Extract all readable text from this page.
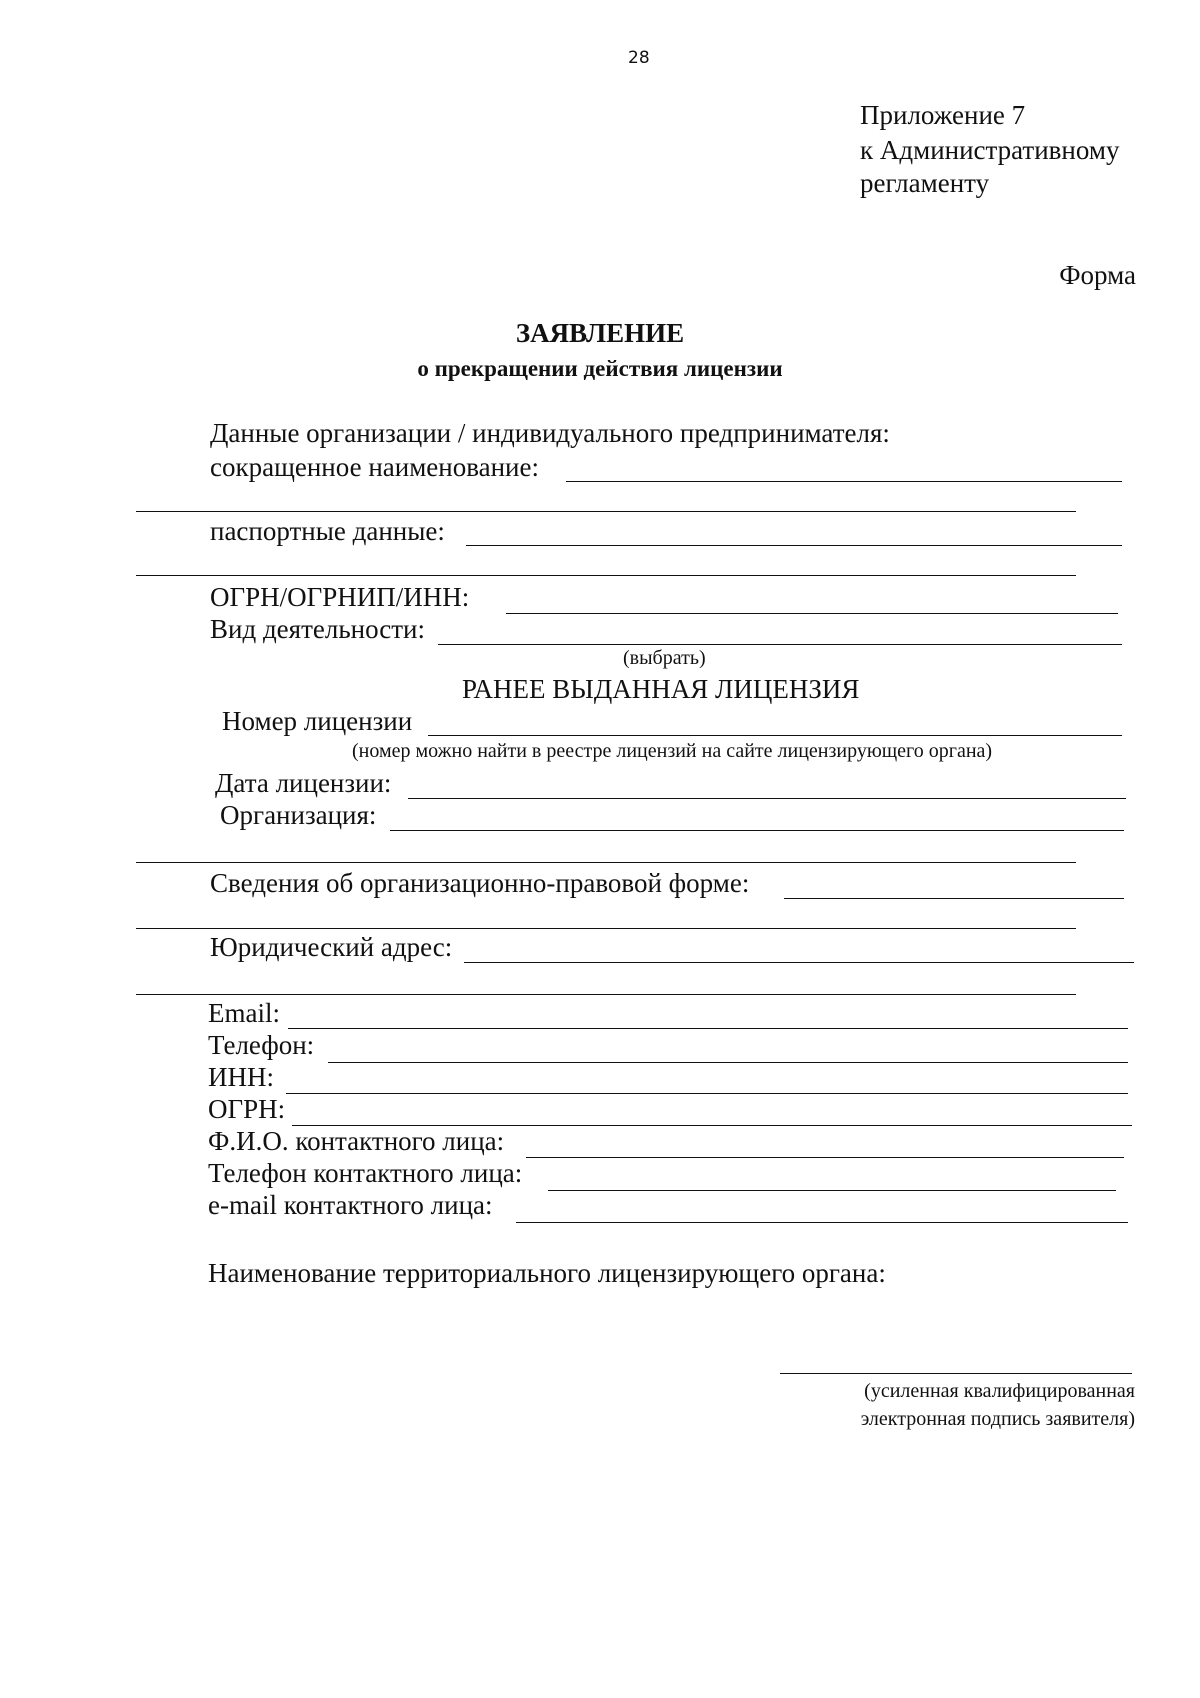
28
Приложение 7
к Административному
регламенту
Форма
ЗАЯВЛЕНИЕ
о прекращении действия лицензии
Данные организации / индивидуального предпринимателя:
сокращенное наименование:
паспортные данные:
ОГРН/ОГРНИП/ИНН:
Вид деятельности:
(выбрать)
РАНЕЕ ВЫДАННАЯ ЛИЦЕНЗИЯ
Номер лицензии
(номер можно найти в реестре лицензий на сайте лицензирующего органа)
Дата лицензии:
Организация:
Сведения об организационно-правовой форме:
Юридический адрес:
Email:
Телефон:
ИНН:
ОГРН:
Ф.И.О. контактного лица:
Телефон контактного лица:
e-mail контактного лица:
Наименование территориального лицензирующего органа:
(усиленная квалифицированная
электронная подпись заявителя)
